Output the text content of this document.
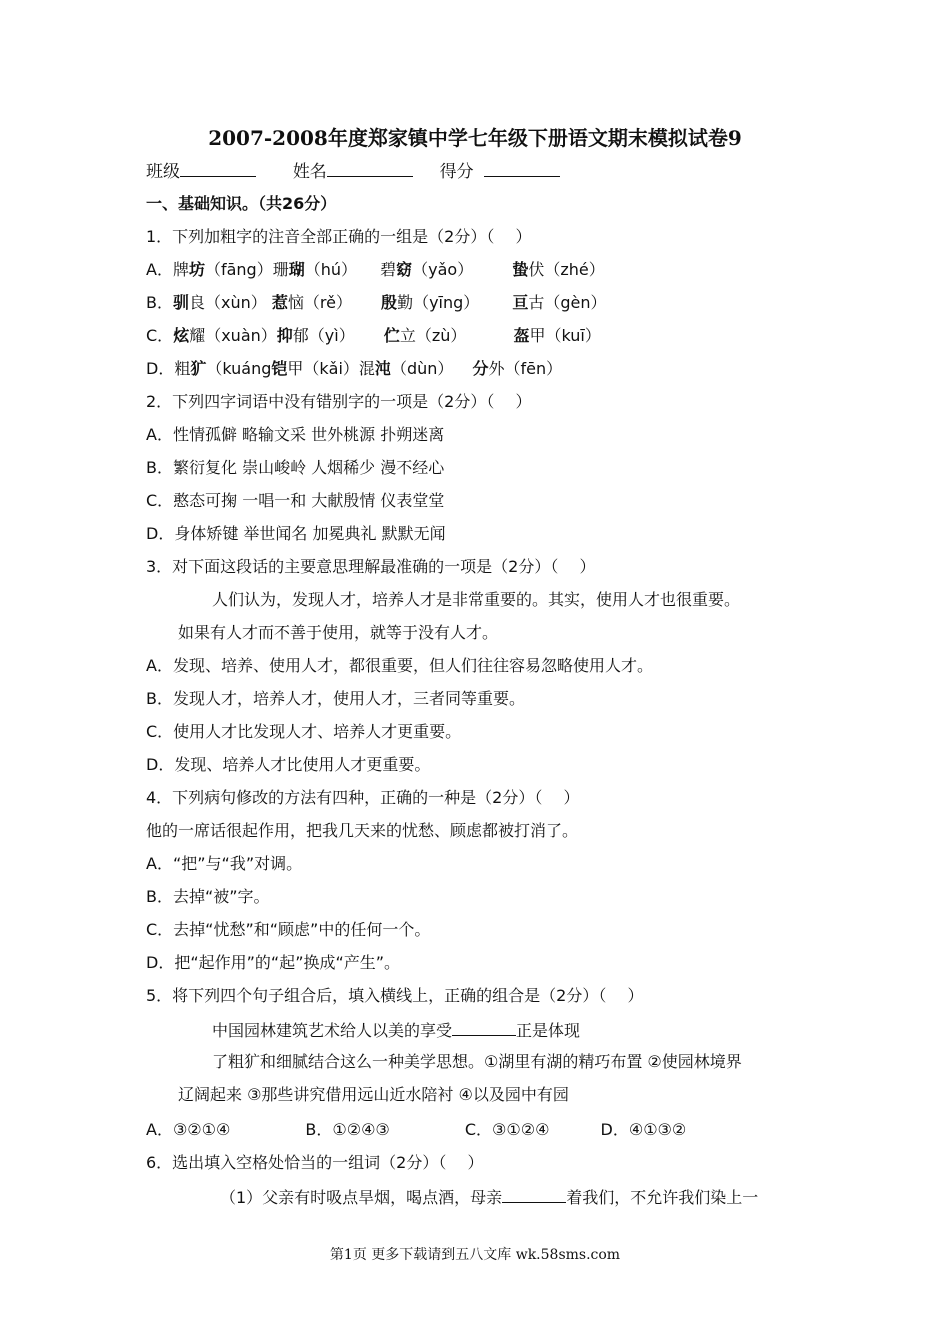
2007-2008年度郑家镇中学七年级下册语文期末模拟试卷9
班级	姓名	得分
一、基础知识。（共26分）
1．下列加粗字的注音全部正确的一组是（2分）（　 ）
A．牌坊（fāng）珊瑚（hú） 碧窈（yǎo） 蛰伏（zhé）
B．驯良（xùn） 惹恼（rě） 殷勤（yīng） 亘古（gèn）
C．炫耀（xuàn）抑郁（yì） 伫立（zù）	盔甲（kuī）
D．粗犷（kuáng铠甲（kǎi）混沌（dùn） 分外（fēn）
2．下列四字词语中没有错别字的一项是（2分）（　 ）
A．性情孤僻 略输文采 世外桃源 扑朔迷离
B．繁衍复化 崇山峻岭 人烟稀少 漫不经心
C．憨态可掬 一唱一和 大献殷情 仪表堂堂
D．身体矫键 举世闻名 加冕典礼 默默无闻
3．对下面这段话的主要意思理解最准确的一项是（2分）（　 ）
人们认为，发现人才，培养人才是非常重要的。其实，使用人才也很重要。
如果有人才而不善于使用，就等于没有人才。
A．发现、培养、使用人才，都很重要，但人们往往容易忽略使用人才。
B．发现人才，培养人才，使用人才，三者同等重要。
C．使用人才比发现人才、培养人才更重要。
D．发现、培养人才比使用人才更重要。
4．下列病句修改的方法有四种，正确的一种是（2分）（　 ）
他的一席话很起作用，把我几天来的忧愁、顾虑都被打消了。
A．“把”与“我”对调。
B．去掉“被”字。
C．去掉“忧愁”和“顾虑”中的任何一个。
D．把“起作用”的“起”换成“产生”。
5．将下列四个句子组合后，填入横线上，正确的组合是（2分）（　 ）
中国园林建筑艺术给人以美的享受	正是体现
了粗犷和细腻结合这么一种美学思想。①湖里有湖的精巧布置 ②使园林境界
辽阔起来 ③那些讲究借用远山近水陪衬 ④以及园中有园
A．③②①④	B．①②④③	C．③①②④	D．④①③②
6．选出填入空格处恰当的一组词（2分）（　 ）
（1）父亲有时吸点旱烟，喝点酒，母亲	着我们，不允许我们染上一
第1页 更多下载请到五八文库 wk.58sms.com
